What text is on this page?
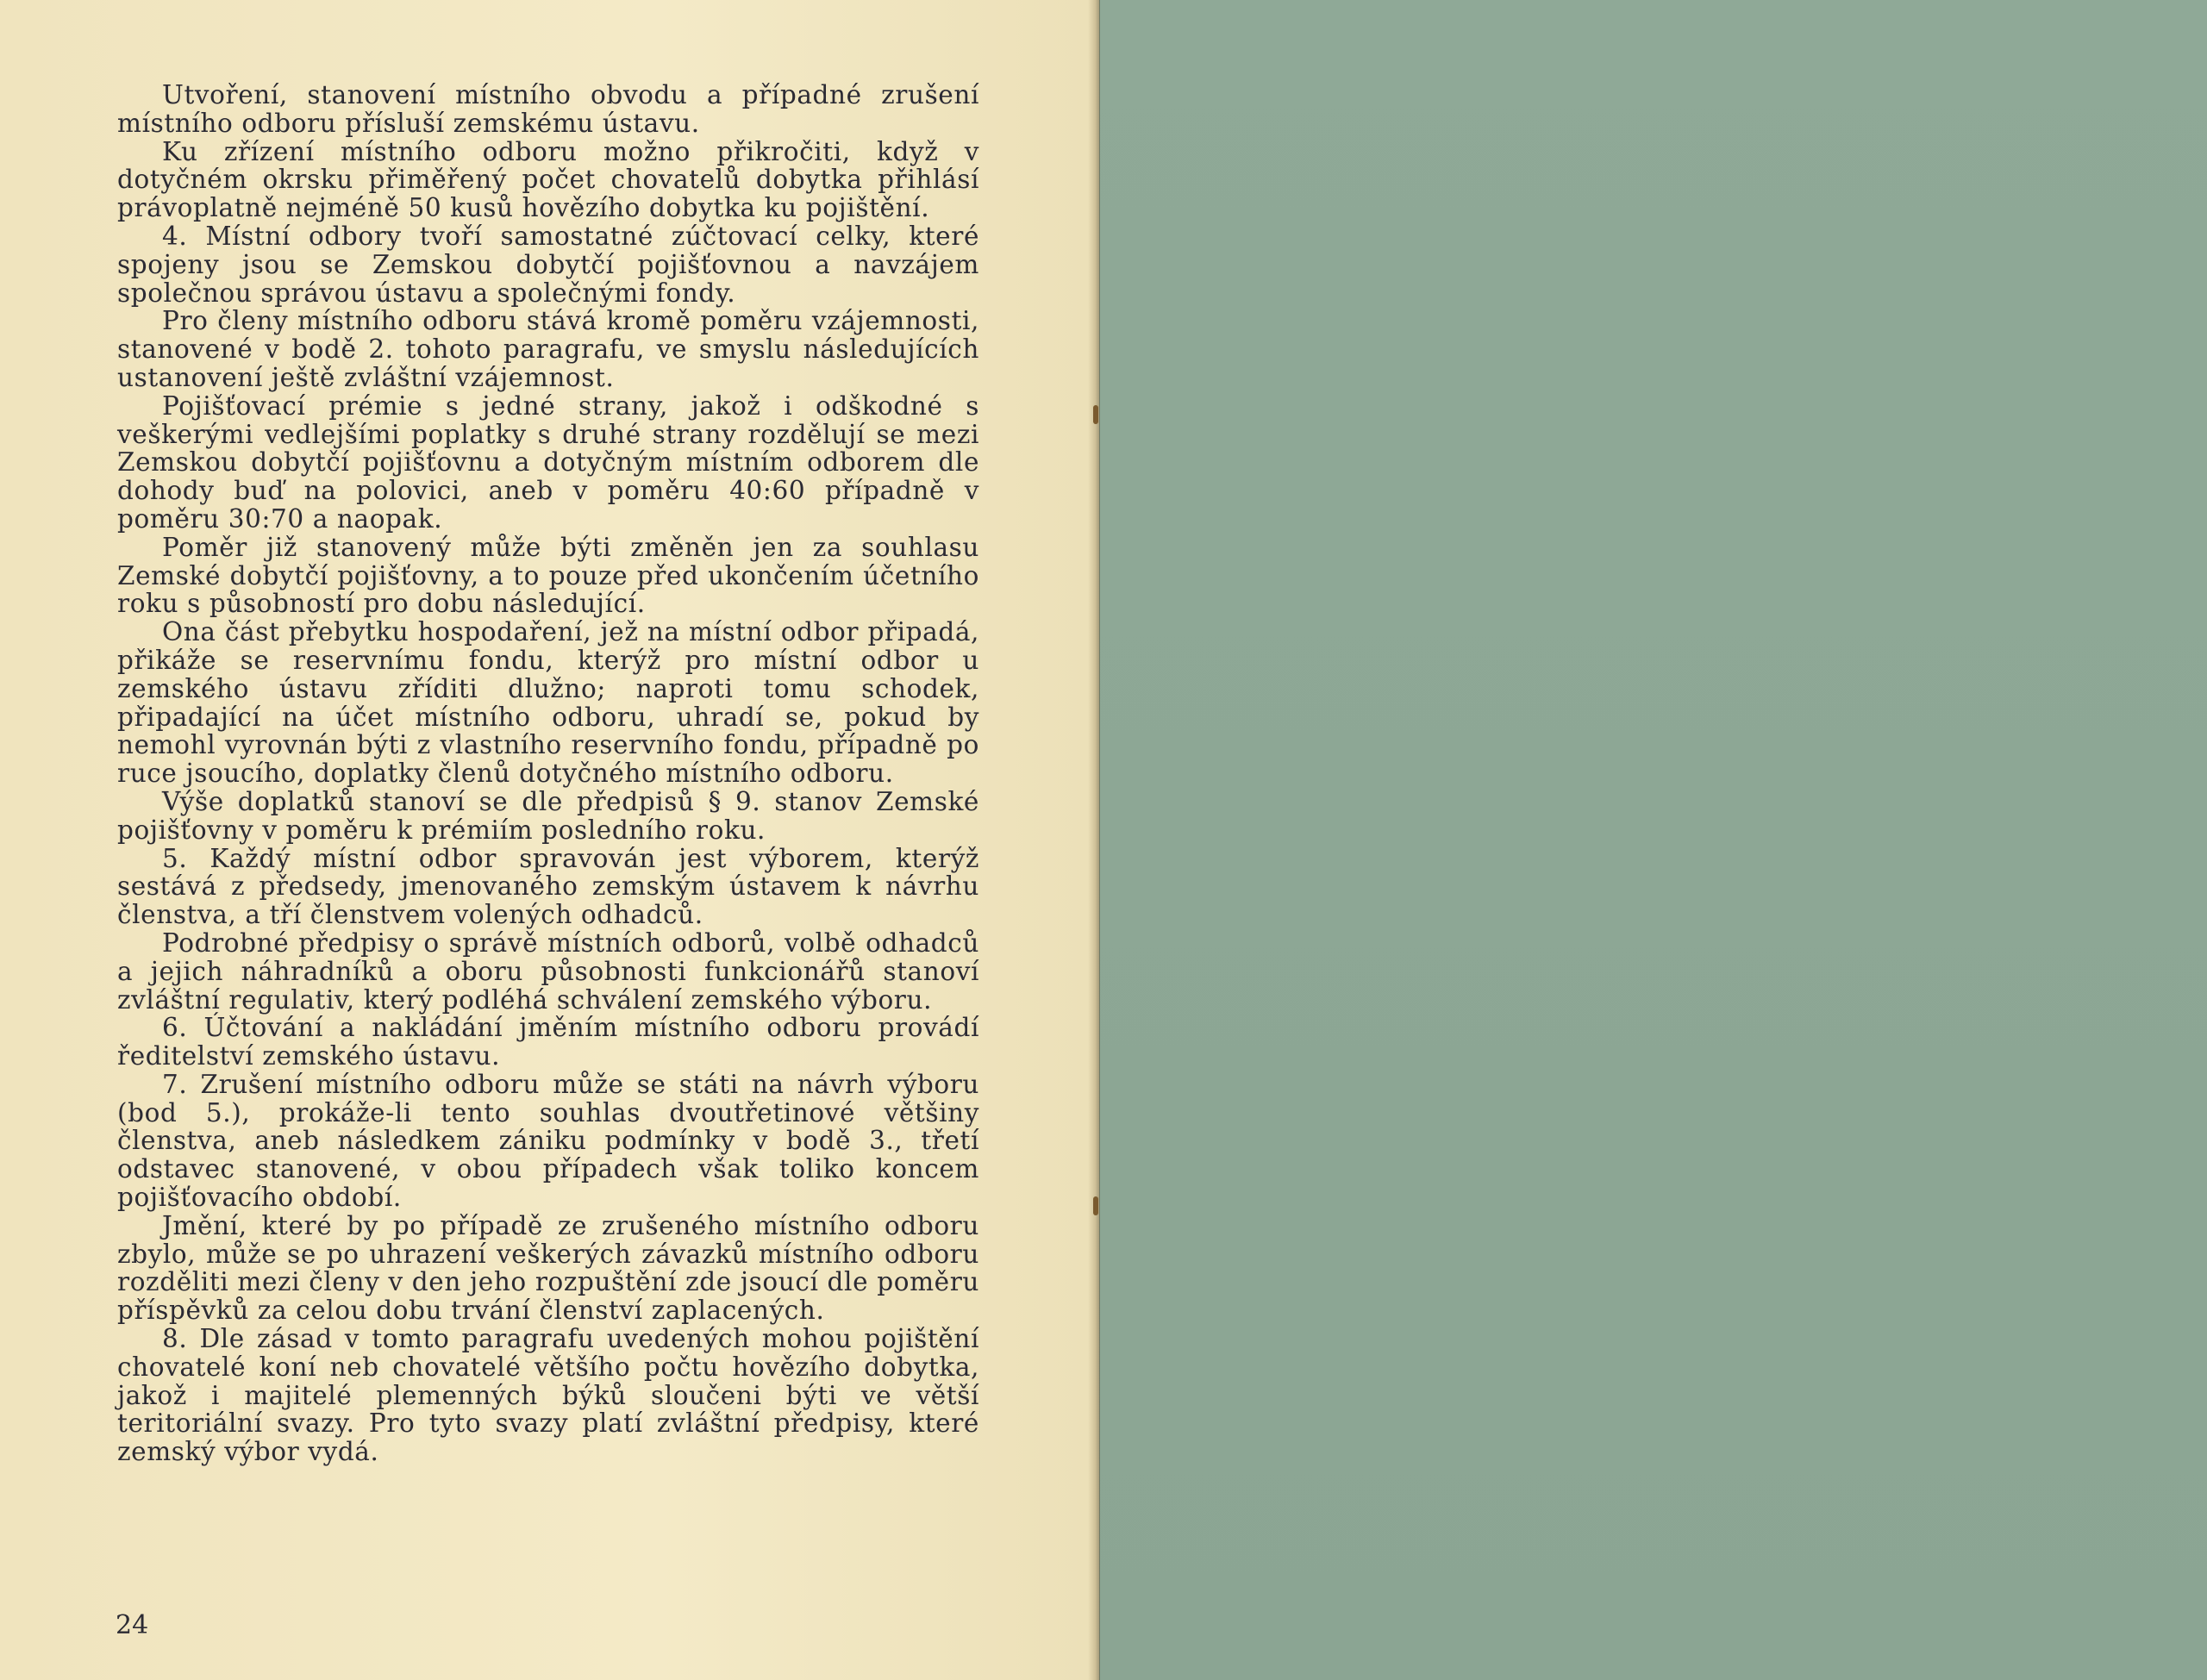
Utvoření, stanovení místního obvodu a případné zrušení místního odboru přísluší zemskému ústavu.

Ku zřízení místního odboru možno přikročiti, když v dotyčném okrsku přiměřený počet chovatelů dobytka přihlásí právoplatně nejméně 50 kusů hovězího dobytka ku pojištění.

4. Místní odbory tvoří samostatné zúčtovací celky, které spojeny jsou se Zemskou dobytčí pojišťovnou a navzájem společnou správou ústavu a společnými fondy.

Pro členy místního odboru stává kromě poměru vzájemnosti, stanovené v bodě 2. tohoto paragrafu, ve smyslu následujících ustanovení ještě zvláštní vzájemnost.

Pojišťovací prémie s jedné strany, jakož i odškodné s veškerými vedlejšími poplatky s druhé strany rozdělují se mezi Zemskou dobytčí pojišťovnu a dotyčným místním odborem dle dohody buď na polovici, aneb v poměru 40:60 případně v poměru 30:70 a naopak.

Poměr již stanovený může býti změněn jen za souhlasu Zemské dobytčí pojišťovny, a to pouze před ukončením účetního roku s působností pro dobu následující.

Ona část přebytku hospodaření, jež na místní odbor připadá, přikáže se reservnímu fondu, kterýž pro místní odbor u zemského ústavu zříditi dlužno; naproti tomu schodek, připadající na účet místního odboru, uhradí se, pokud by nemohl vyrovnán býti z vlastního reservního fondu, případně po ruce jsoucího, doplatky členů dotyčného místního odboru.

Výše doplatků stanoví se dle předpisů § 9. stanov Zemské pojišťovny v poměru k prémiím posledního roku.

5. Každý místní odbor spravován jest výborem, kterýž sestává z předsedy, jmenovaného zemským ústavem k návrhu členstva, a tří členstvem volených odhadců.

Podrobné předpisy o správě místních odborů, volbě odhadců a jejich náhradníků a oboru působnosti funkcionářů stanoví zvláštní regulativ, který podléhá schválení zemského výboru.

6. Účtování a nakládání jměním místního odboru provádí ředitelství zemského ústavu.

7. Zrušení místního odboru může se státi na návrh výboru (bod 5.), prokáže-li tento souhlas dvoutřetinové většiny členstva, aneb následkem zániku podmínky v bodě 3., třetí odstavec stanovené, v obou případech však toliko koncem pojišťovacího období.

Jmění, které by po případě ze zrušeného místního odboru zbylo, může se po uhrazení veškerých závazků místního odboru rozděliti mezi členy v den jeho rozpuštění zde jsoucí dle poměru příspěvků za celou dobu trvání členství zaplacených.

8. Dle zásad v tomto paragrafu uvedených mohou pojištění chovatelé koní neb chovatelé většího počtu hovězího dobytka, jakož i majitelé plemenných býků sloučeni býti ve větší teritoriální svazy. Pro tyto svazy platí zvláštní předpisy, které zemský výbor vydá.

24
